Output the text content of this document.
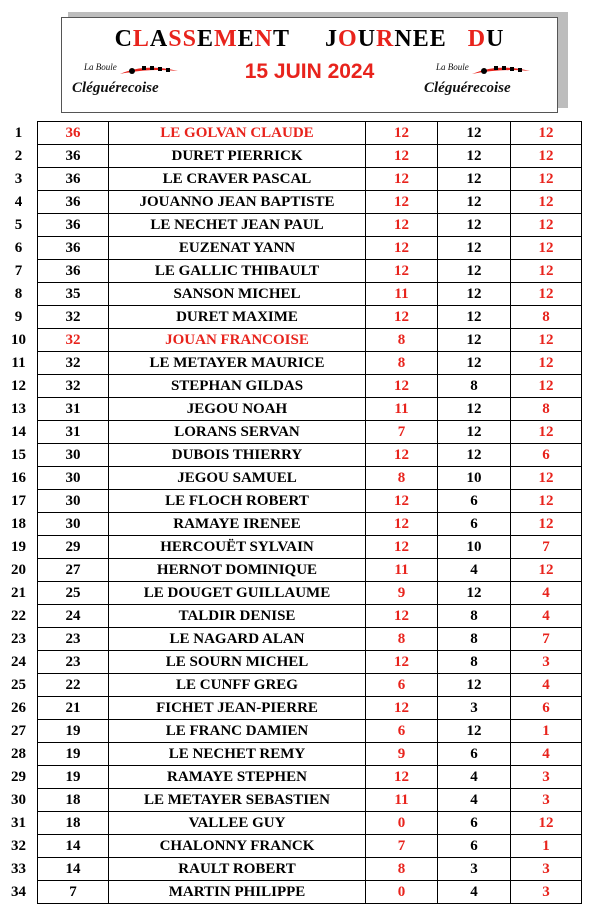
CLASSEMENT     JOURNEE   DU
15 JUIN 2024
La Boule
Cléguérecoise
La Boule
Cléguérecoise
1	36	LE GOLVAN CLAUDE	12	12	12
2	36	DURET PIERRICK	12	12	12
3	36	LE CRAVER PASCAL	12	12	12
4	36	JOUANNO JEAN BAPTISTE	12	12	12
5	36	LE NECHET JEAN PAUL	12	12	12
6	36	EUZENAT YANN	12	12	12
7	36	LE GALLIC THIBAULT	12	12	12
8	35	SANSON MICHEL	11	12	12
9	32	DURET MAXIME	12	12	8
10	32	JOUAN FRANCOISE	8	12	12
11	32	LE METAYER MAURICE	8	12	12
12	32	STEPHAN GILDAS	12	8	12
13	31	JEGOU NOAH	11	12	8
14	31	LORANS SERVAN	7	12	12
15	30	DUBOIS THIERRY	12	12	6
16	30	JEGOU SAMUEL	8	10	12
17	30	LE FLOCH ROBERT	12	6	12
18	30	RAMAYE IRENEE	12	6	12
19	29	HERCOUËT SYLVAIN	12	10	7
20	27	HERNOT DOMINIQUE	11	4	12
21	25	LE DOUGET GUILLAUME	9	12	4
22	24	TALDIR DENISE	12	8	4
23	23	LE NAGARD ALAN	8	8	7
24	23	LE SOURN MICHEL	12	8	3
25	22	LE CUNFF GREG	6	12	4
26	21	FICHET JEAN-PIERRE	12	3	6
27	19	LE FRANC DAMIEN	6	12	1
28	19	LE NECHET REMY	9	6	4
29	19	RAMAYE STEPHEN	12	4	3
30	18	LE METAYER SEBASTIEN	11	4	3
31	18	VALLEE GUY	0	6	12
32	14	CHALONNY FRANCK	7	6	1
33	14	RAULT ROBERT	8	3	3
34	7	MARTIN PHILIPPE	0	4	3
